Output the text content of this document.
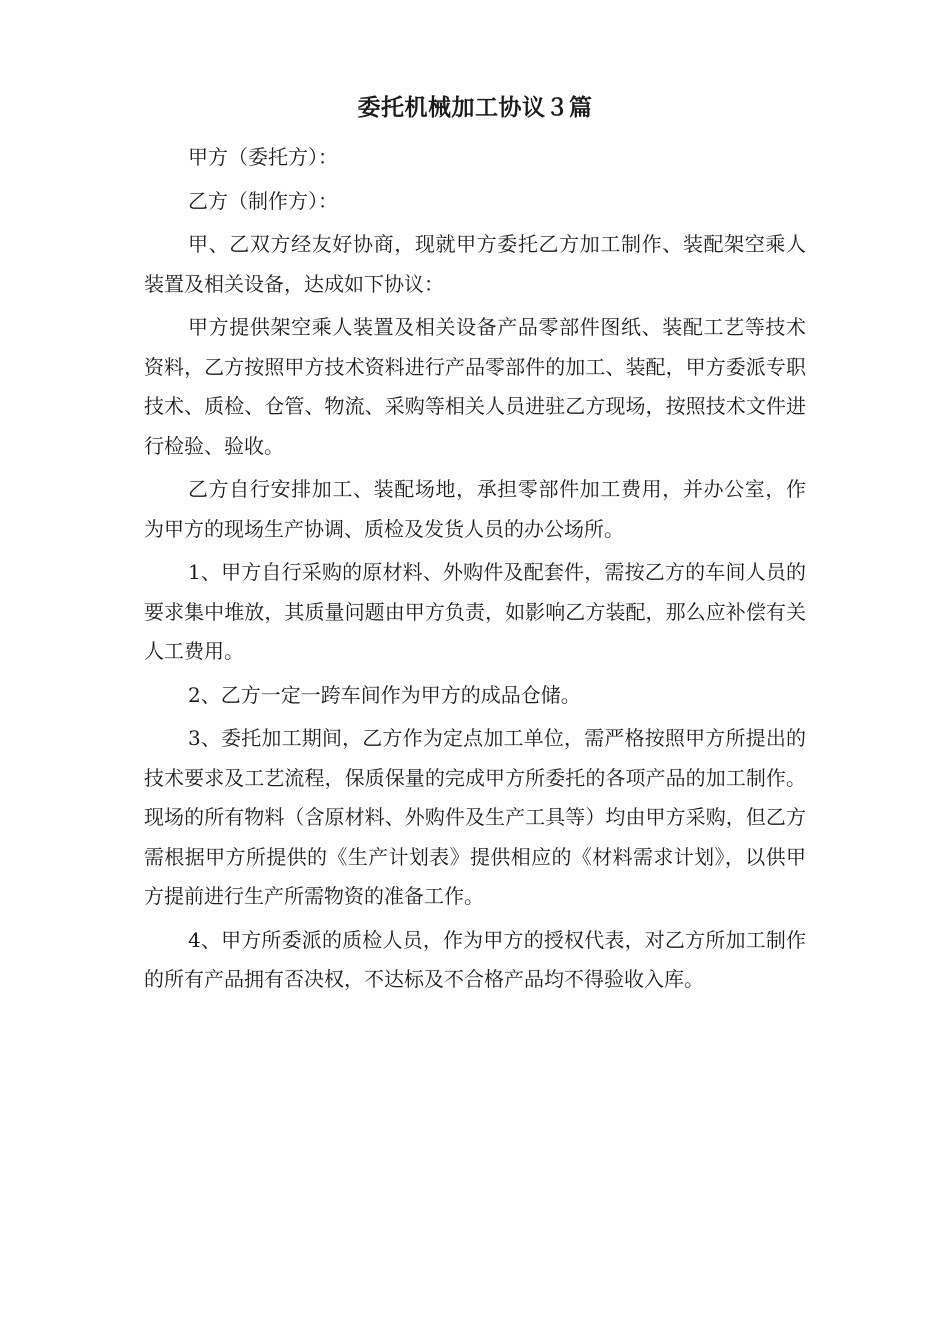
委托机械加工协议３篇

甲方（委托方）：

乙方（制作方）：

甲、乙双方经友好协商，现就甲方委托乙方加工制作、装配架空乘人装置及相关设备，达成如下协议：

甲方提供架空乘人装置及相关设备产品零部件图纸、装配工艺等技术资料，乙方按照甲方技术资料进行产品零部件的加工、装配，甲方委派专职技术、质检、仓管、物流、采购等相关人员进驻乙方现场，按照技术文件进行检验、验收。

乙方自行安排加工、装配场地，承担零部件加工费用，并办公室，作为甲方的现场生产协调、质检及发货人员的办公场所。

1、甲方自行采购的原材料、外购件及配套件，需按乙方的车间人员的要求集中堆放，其质量问题由甲方负责，如影响乙方装配，那么应补偿有关人工费用。

2、乙方一定一跨车间作为甲方的成品仓储。

3、委托加工期间，乙方作为定点加工单位，需严格按照甲方所提出的技术要求及工艺流程，保质保量的完成甲方所委托的各项产品的加工制作。现场的所有物料（含原材料、外购件及生产工具等）均由甲方采购，但乙方需根据甲方所提供的《生产计划表》提供相应的《材料需求计划》，以供甲方提前进行生产所需物资的准备工作。

4、甲方所委派的质检人员，作为甲方的授权代表，对乙方所加工制作的所有产品拥有否决权，不达标及不合格产品均不得验收入库。
